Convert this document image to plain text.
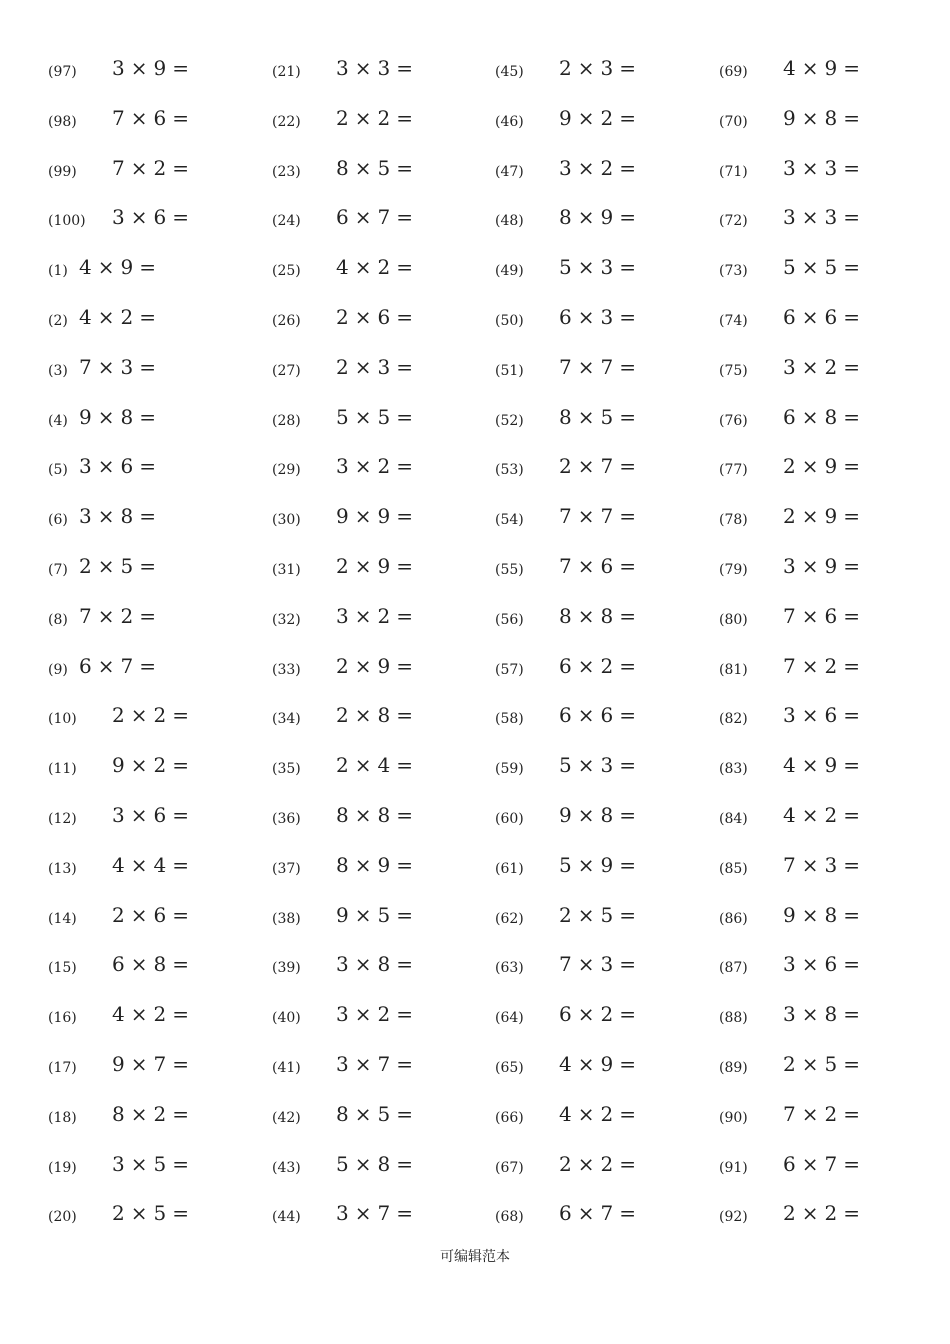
(97) 3 × 9 =
(98) 7 × 6 =
(99) 7 × 2 =
(100) 3 × 6 =
(1) 4 × 9 =
(2) 4 × 2 =
(3) 7 × 3 =
(4) 9 × 8 =
(5) 3 × 6 =
(6) 3 × 8 =
(7) 2 × 5 =
(8) 7 × 2 =
(9) 6 × 7 =
(10) 2 × 2 =
(11) 9 × 2 =
(12) 3 × 6 =
(13) 4 × 4 =
(14) 2 × 6 =
(15) 6 × 8 =
(16) 4 × 2 =
(17) 9 × 7 =
(18) 8 × 2 =
(19) 3 × 5 =
(20) 2 × 5 =
(21) 3 × 3 =
(22) 2 × 2 =
(23) 8 × 5 =
(24) 6 × 7 =
(25) 4 × 2 =
(26) 2 × 6 =
(27) 2 × 3 =
(28) 5 × 5 =
(29) 3 × 2 =
(30) 9 × 9 =
(31) 2 × 9 =
(32) 3 × 2 =
(33) 2 × 9 =
(34) 2 × 8 =
(35) 2 × 4 =
(36) 8 × 8 =
(37) 8 × 9 =
(38) 9 × 5 =
(39) 3 × 8 =
(40) 3 × 2 =
(41) 3 × 7 =
(42) 8 × 5 =
(43) 5 × 8 =
(44) 3 × 7 =
(45) 2 × 3 =
(46) 9 × 2 =
(47) 3 × 2 =
(48) 8 × 9 =
(49) 5 × 3 =
(50) 6 × 3 =
(51) 7 × 7 =
(52) 8 × 5 =
(53) 2 × 7 =
(54) 7 × 7 =
(55) 7 × 6 =
(56) 8 × 8 =
(57) 6 × 2 =
(58) 6 × 6 =
(59) 5 × 3 =
(60) 9 × 8 =
(61) 5 × 9 =
(62) 2 × 5 =
(63) 7 × 3 =
(64) 6 × 2 =
(65) 4 × 9 =
(66) 4 × 2 =
(67) 2 × 2 =
(68) 6 × 7 =
(69) 4 × 9 =
(70) 9 × 8 =
(71) 3 × 3 =
(72) 3 × 3 =
(73) 5 × 5 =
(74) 6 × 6 =
(75) 3 × 2 =
(76) 6 × 8 =
(77) 2 × 9 =
(78) 2 × 9 =
(79) 3 × 9 =
(80) 7 × 6 =
(81) 7 × 2 =
(82) 3 × 6 =
(83) 4 × 9 =
(84) 4 × 2 =
(85) 7 × 3 =
(86) 9 × 8 =
(87) 3 × 6 =
(88) 3 × 8 =
(89) 2 × 5 =
(90) 7 × 2 =
(91) 6 × 7 =
(92) 2 × 2 =
可编辑范本
